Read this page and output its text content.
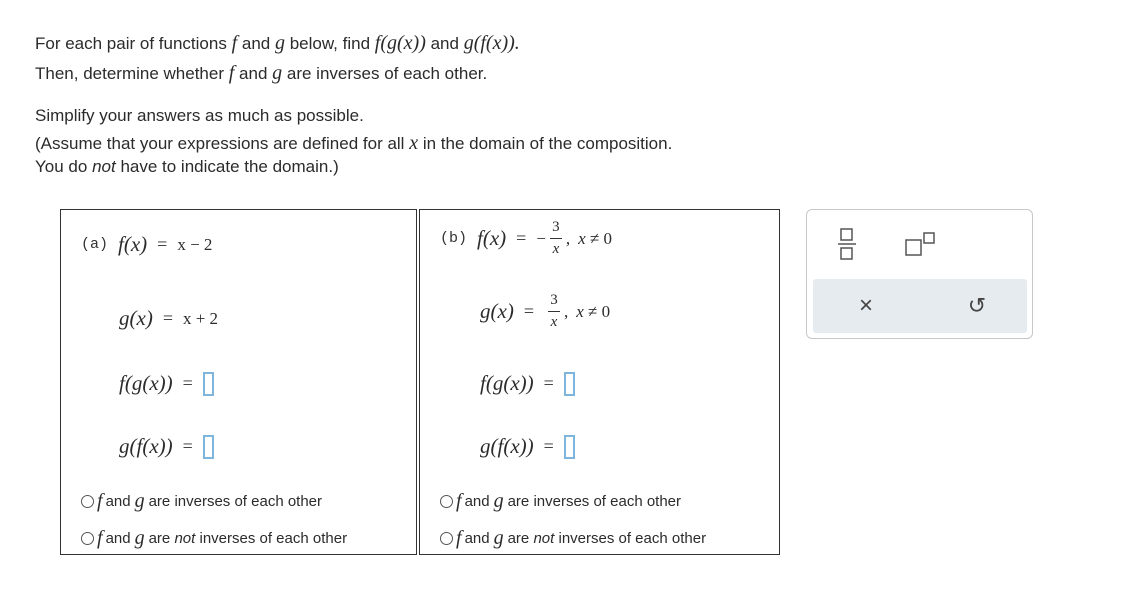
For each pair of functions f and g below, find f(g(x)) and g(f(x)).
Then, determine whether f and g are inverses of each other.
Simplify your answers as much as possible.
(Assume that your expressions are defined for all x in the domain of the composition.
You do not have to indicate the domain.)
(a) f(x) = x − 2
g(x) = x + 2
f(g(x)) =
g(f(x)) =
f and g are inverses of each other
f and g are
not
inverses of each other
(b) f(x) = − $\frac{3}{x}$ , x ≠ 0
$g(x) = \frac{3}{x}$ , x ≠ 0
f(g(x)) =
g(f(x)) =
f and g are inverses of each other
f and g are
not
inverses of each other
×	↺
